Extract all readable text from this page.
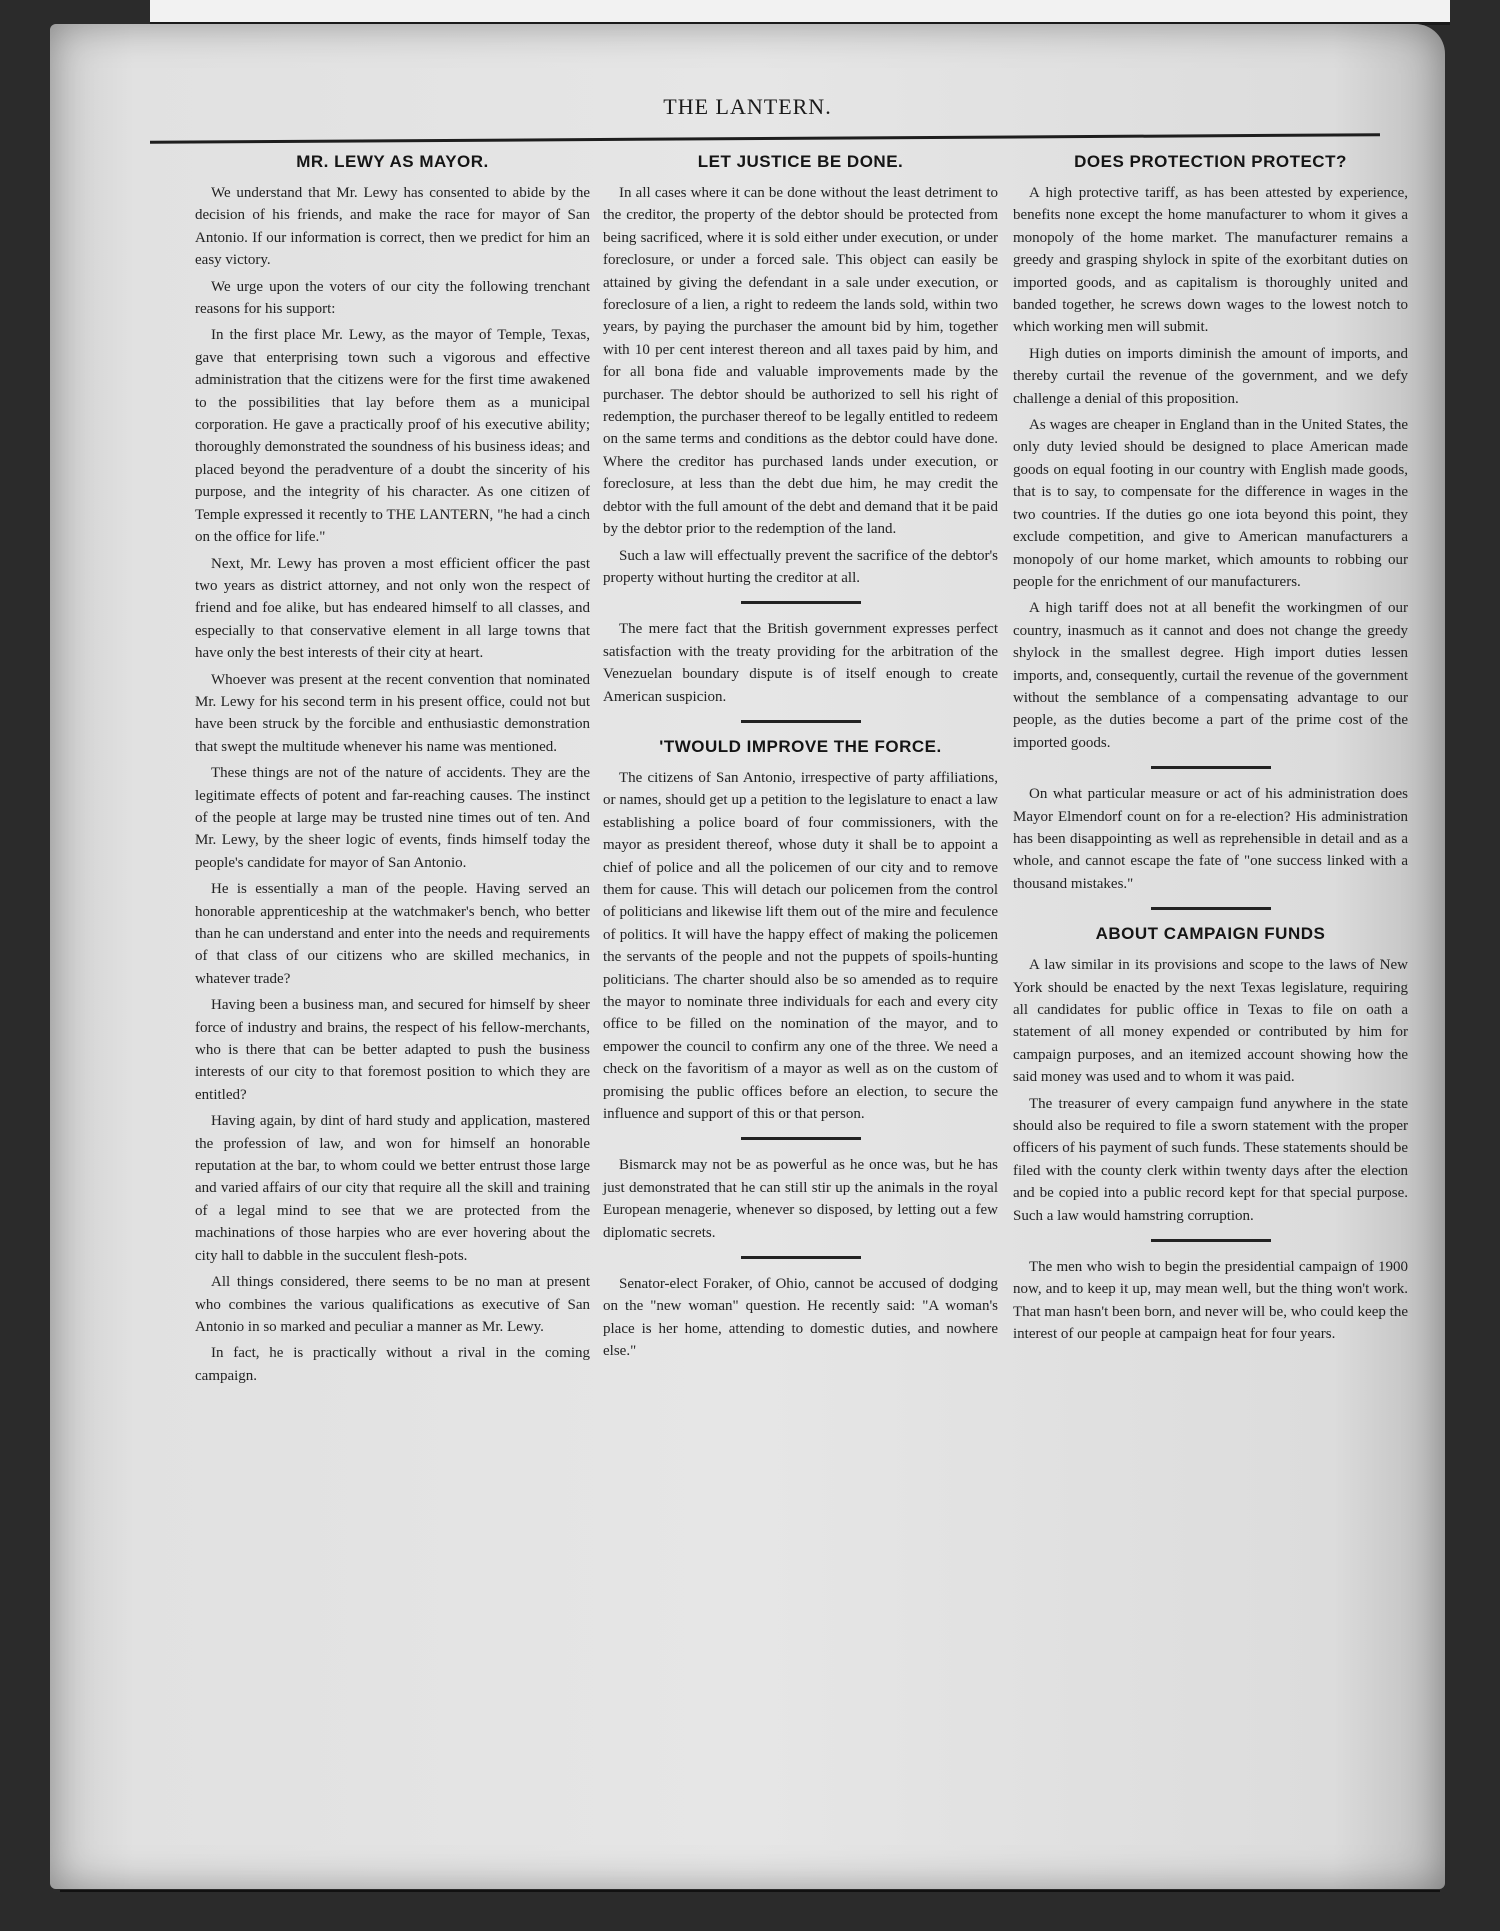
THE LANTERN.
MR. LEWY AS MAYOR.

We understand that Mr. Lewy has consented to abide by the decision of his friends, and make the race for mayor of San Antonio. If our information is correct, then we predict for him an easy victory.

We urge upon the voters of our city the following trenchant reasons for his support:

In the first place Mr. Lewy, as the mayor of Temple, Texas, gave that enterprising town such a vigorous and effective administration that the citizens were for the first time awakened to the possibilities that lay before them as a municipal corporation. He gave a practically proof of his executive ability; thoroughly demonstrated the soundness of his business ideas; and placed beyond the peradventure of a doubt the sincerity of his purpose, and the integrity of his character. As one citizen of Temple expressed it recently to THE LANTERN, "he had a cinch on the office for life."

Next, Mr. Lewy has proven a most efficient officer the past two years as district attorney, and not only won the respect of friend and foe alike, but has endeared himself to all classes, and especially to that conservative element in all large towns that have only the best interests of their city at heart.

Whoever was present at the recent convention that nominated Mr. Lewy for his second term in his present office, could not but have been struck by the forcible and enthusiastic demonstration that swept the multitude whenever his name was mentioned.

These things are not of the nature of accidents. They are the legitimate effects of potent and far-reaching causes. The instinct of the people at large may be trusted nine times out of ten. And Mr. Lewy, by the sheer logic of events, finds himself today the people's candidate for mayor of San Antonio.

He is essentially a man of the people. Having served an honorable apprenticeship at the watchmaker's bench, who better than he can understand and enter into the needs and requirements of that class of our citizens who are skilled mechanics, in whatever trade?

Having been a business man, and secured for himself by sheer force of industry and brains, the respect of his fellow-merchants, who is there that can be better adapted to push the business interests of our city to that foremost position to which they are entitled?

Having again, by dint of hard study and application, mastered the profession of law, and won for himself an honorable reputation at the bar, to whom could we better entrust those large and varied affairs of our city that require all the skill and training of a legal mind to see that we are protected from the machinations of those harpies who are ever hovering about the city hall to dabble in the succulent flesh-pots.

All things considered, there seems to be no man at present who combines the various qualifications as executive of San Antonio in so marked and peculiar a manner as Mr. Lewy.

In fact, he is practically without a rival in the coming campaign.

LET JUSTICE BE DONE.

In all cases where it can be done without the least detriment to the creditor, the property of the debtor should be protected from being sacrificed, where it is sold either under execution, or under foreclosure, or under a forced sale. This object can easily be attained by giving the defendant in a sale under execution, or foreclosure of a lien, a right to redeem the lands sold, within two years, by paying the purchaser the amount bid by him, together with 10 per cent interest thereon and all taxes paid by him, and for all bona fide and valuable improvements made by the purchaser. The debtor should be authorized to sell his right of redemption, the purchaser thereof to be legally entitled to redeem on the same terms and conditions as the debtor could have done. Where the creditor has purchased lands under execution, or foreclosure, at less than the debt due him, he may credit the debtor with the full amount of the debt and demand that it be paid by the debtor prior to the redemption of the land.

Such a law will effectually prevent the sacrifice of the debtor's property without hurting the creditor at all.

The mere fact that the British government expresses perfect satisfaction with the treaty providing for the arbitration of the Venezuelan boundary dispute is of itself enough to create American suspicion.

'TWOULD IMPROVE THE FORCE.

The citizens of San Antonio, irrespective of party affiliations, or names, should get up a petition to the legislature to enact a law establishing a police board of four commissioners, with the mayor as president thereof, whose duty it shall be to appoint a chief of police and all the policemen of our city and to remove them for cause. This will detach our policemen from the control of politicians and likewise lift them out of the mire and feculence of politics. It will have the happy effect of making the policemen the servants of the people and not the puppets of spoils-hunting politicians. The charter should also be so amended as to require the mayor to nominate three individuals for each and every city office to be filled on the nomination of the mayor, and to empower the council to confirm any one of the three. We need a check on the favoritism of a mayor as well as on the custom of promising the public offices before an election, to secure the influence and support of this or that person.

Bismarck may not be as powerful as he once was, but he has just demonstrated that he can still stir up the animals in the royal European menagerie, whenever so disposed, by letting out a few diplomatic secrets.

Senator-elect Foraker, of Ohio, cannot be accused of dodging on the "new woman" question. He recently said: "A woman's place is her home, attending to domestic duties, and nowhere else."

DOES PROTECTION PROTECT?

A high protective tariff, as has been attested by experience, benefits none except the home manufacturer to whom it gives a monopoly of the home market. The manufacturer remains a greedy and grasping shylock in spite of the exorbitant duties on imported goods, and as capitalism is thoroughly united and banded together, he screws down wages to the lowest notch to which working men will submit.

High duties on imports diminish the amount of imports, and thereby curtail the revenue of the government, and we defy challenge a denial of this proposition.

As wages are cheaper in England than in the United States, the only duty levied should be designed to place American made goods on equal footing in our country with English made goods, that is to say, to compensate for the difference in wages in the two countries. If the duties go one iota beyond this point, they exclude competition, and give to American manufacturers a monopoly of our home market, which amounts to robbing our people for the enrichment of our manufacturers.

A high tariff does not at all benefit the workingmen of our country, inasmuch as it cannot and does not change the greedy shylock in the smallest degree. High import duties lessen imports, and, consequently, curtail the revenue of the government without the semblance of a compensating advantage to our people, as the duties become a part of the prime cost of the imported goods.

On what particular measure or act of his administration does Mayor Elmendorf count on for a re-election? His administration has been disappointing as well as reprehensible in detail and as a whole, and cannot escape the fate of "one success linked with a thousand mistakes."

ABOUT CAMPAIGN FUNDS

A law similar in its provisions and scope to the laws of New York should be enacted by the next Texas legislature, requiring all candidates for public office in Texas to file on oath a statement of all money expended or contributed by him for campaign purposes, and an itemized account showing how the said money was used and to whom it was paid.

The treasurer of every campaign fund anywhere in the state should also be required to file a sworn statement with the proper officers of his payment of such funds. These statements should be filed with the county clerk within twenty days after the election and be copied into a public record kept for that special purpose. Such a law would hamstring corruption.

The men who wish to begin the presidential campaign of 1900 now, and to keep it up, may mean well, but the thing won't work. That man hasn't been born, and never will be, who could keep the interest of our people at campaign heat for four years.
